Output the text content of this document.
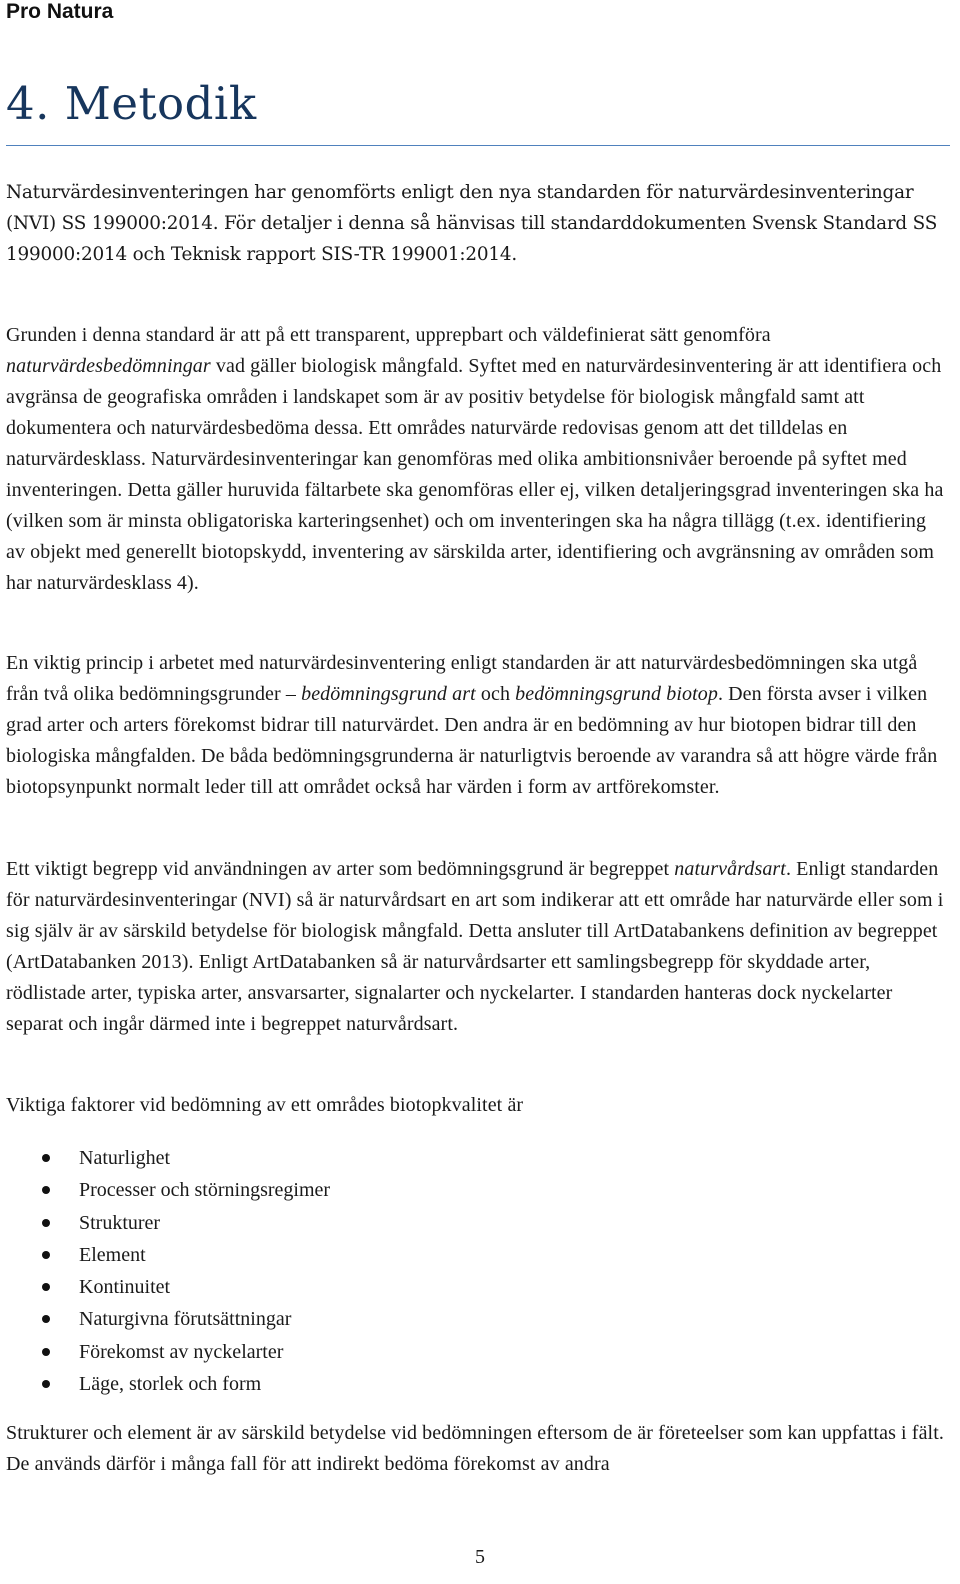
Pro Natura
4. Metodik

Naturvärdesinventeringen har genomförts enligt den nya standarden för naturvärdesinventeringar (NVI) SS 199000:2014. För detaljer i denna så hänvisas till standarddokumenten Svensk Standard SS 199000:2014 och Teknisk rapport SIS-TR 199001:2014.

Grunden i denna standard är att på ett transparent, upprepbart och väldefinierat sätt genomföra naturvärdesbedömningar vad gäller biologisk mångfald. Syftet med en naturvärdesinventering är att identifiera och avgränsa de geografiska områden i landskapet som är av positiv betydelse för biologisk mångfald samt att dokumentera och naturvärdesbedöma dessa. Ett områdes naturvärde redovisas genom att det tilldelas en naturvärdesklass. Naturvärdesinventeringar kan genomföras med olika ambitionsnivåer beroende på syftet med inventeringen. Detta gäller huruvida fältarbete ska genomföras eller ej, vilken detaljeringsgrad inventeringen ska ha (vilken som är minsta obligatoriska karteringsenhet) och om inventeringen ska ha några tillägg (t.ex. identifiering av objekt med generellt biotopskydd, inventering av särskilda arter, identifiering och avgränsning av områden som har naturvärdesklass 4).

En viktig princip i arbetet med naturvärdesinventering enligt standarden är att naturvärdesbedömningen ska utgå från två olika bedömningsgrunder – bedömningsgrund art och bedömningsgrund biotop. Den första avser i vilken grad arter och arters förekomst bidrar till naturvärdet. Den andra är en bedömning av hur biotopen bidrar till den biologiska mångfalden. De båda bedömningsgrunderna är naturligtvis beroende av varandra så att högre värde från biotopsynpunkt normalt leder till att området också har värden i form av artförekomster.

Ett viktigt begrepp vid användningen av arter som bedömningsgrund är begreppet naturvårdsart. Enligt standarden för naturvärdesinventeringar (NVI) så är naturvårdsart en art som indikerar att ett område har naturvärde eller som i sig själv är av särskild betydelse för biologisk mångfald. Detta ansluter till ArtDatabankens definition av begreppet (ArtDatabanken 2013). Enligt ArtDatabanken så är naturvårdsarter ett samlingsbegrepp för skyddade arter, rödlistade arter, typiska arter, ansvarsarter, signalarter och nyckelarter. I standarden hanteras dock nyckelarter separat och ingår därmed inte i begreppet naturvårdsart.

Viktiga faktorer vid bedömning av ett områdes biotopkvalitet är

Naturlighet
Processer och störningsregimer
Strukturer
Element
Kontinuitet
Naturgivna förutsättningar
Förekomst av nyckelarter
Läge, storlek och form

Strukturer och element är av särskild betydelse vid bedömningen eftersom de är företeelser som kan uppfattas i fält. De används därför i många fall för att indirekt bedöma förekomst av andra

5
